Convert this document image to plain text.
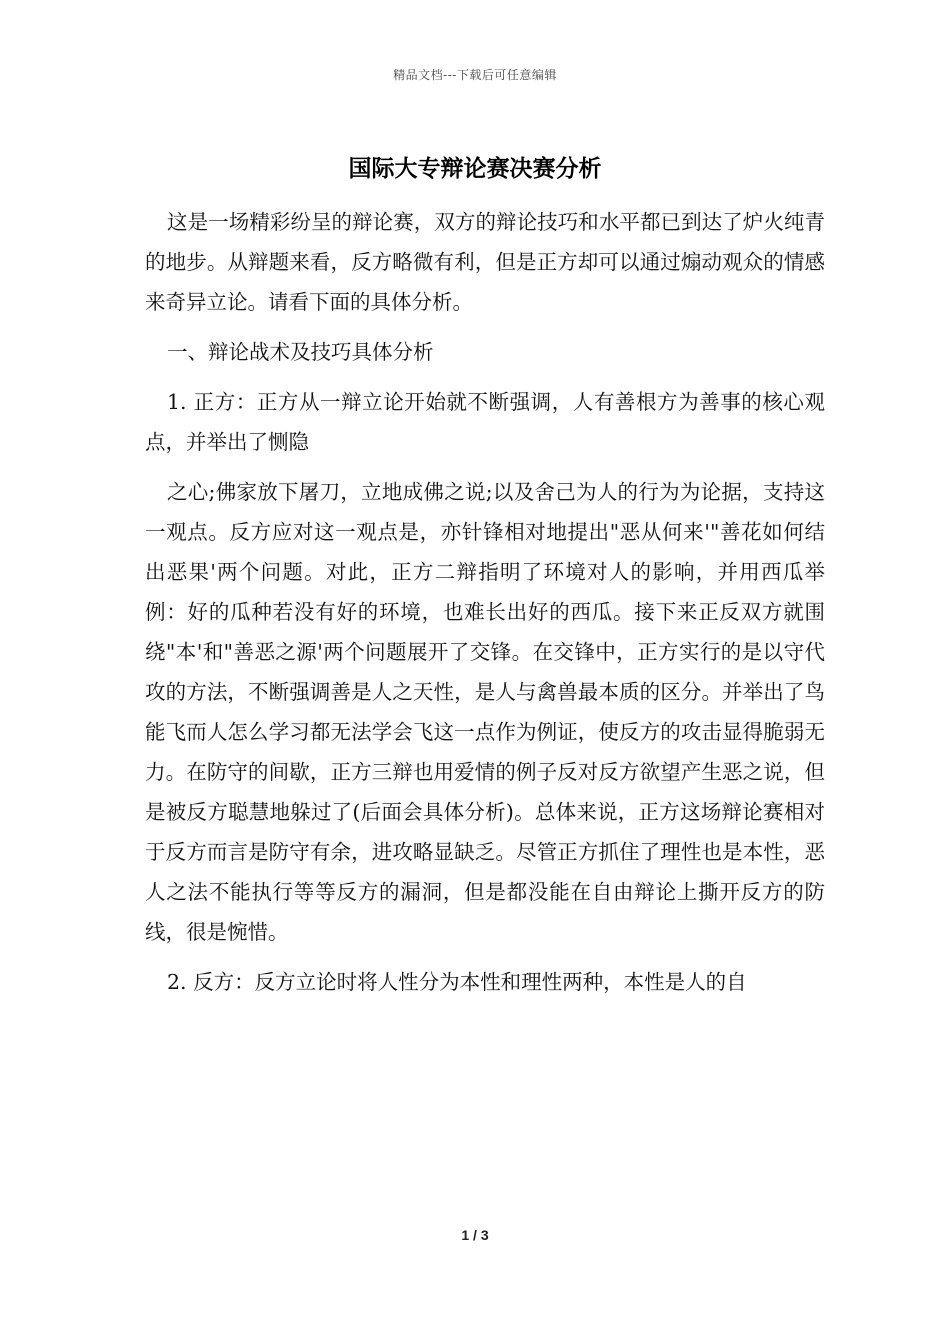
精品文档---下载后可任意编辑
国际大专辩论赛决赛分析

这是一场精彩纷呈的辩论赛，双方的辩论技巧和水平都已到达了炉火纯青的地步。从辩题来看，反方略微有利，但是正方却可以通过煽动观众的情感来奇异立论。请看下面的具体分析。

一、辩论战术及技巧具体分析

1. 正方：正方从一辩立论开始就不断强调，人有善根方为善事的核心观点，并举出了恻隐

之心;佛家放下屠刀，立地成佛之说;以及舍己为人的行为为论据，支持这一观点。反方应对这一观点是，亦针锋相对地提出"恶从何来'"善花如何结出恶果'两个问题。对此，正方二辩指明了环境对人的影响，并用西瓜举例：好的瓜种若没有好的环境，也难长出好的西瓜。接下来正反双方就围绕"本'和"善恶之源'两个问题展开了交锋。在交锋中，正方实行的是以守代攻的方法，不断强调善是人之天性，是人与禽兽最本质的区分。并举出了鸟能飞而人怎么学习都无法学会飞这一点作为例证，使反方的攻击显得脆弱无力。在防守的间歇，正方三辩也用爱情的例子反对反方欲望产生恶之说，但是被反方聪慧地躲过了(后面会具体分析)。总体来说，正方这场辩论赛相对于反方而言是防守有余，进攻略显缺乏。尽管正方抓住了理性也是本性，恶人之法不能执行等等反方的漏洞，但是都没能在自由辩论上撕开反方的防线，很是惋惜。

2. 反方：反方立论时将人性分为本性和理性两种，本性是人的自

1 / 3
